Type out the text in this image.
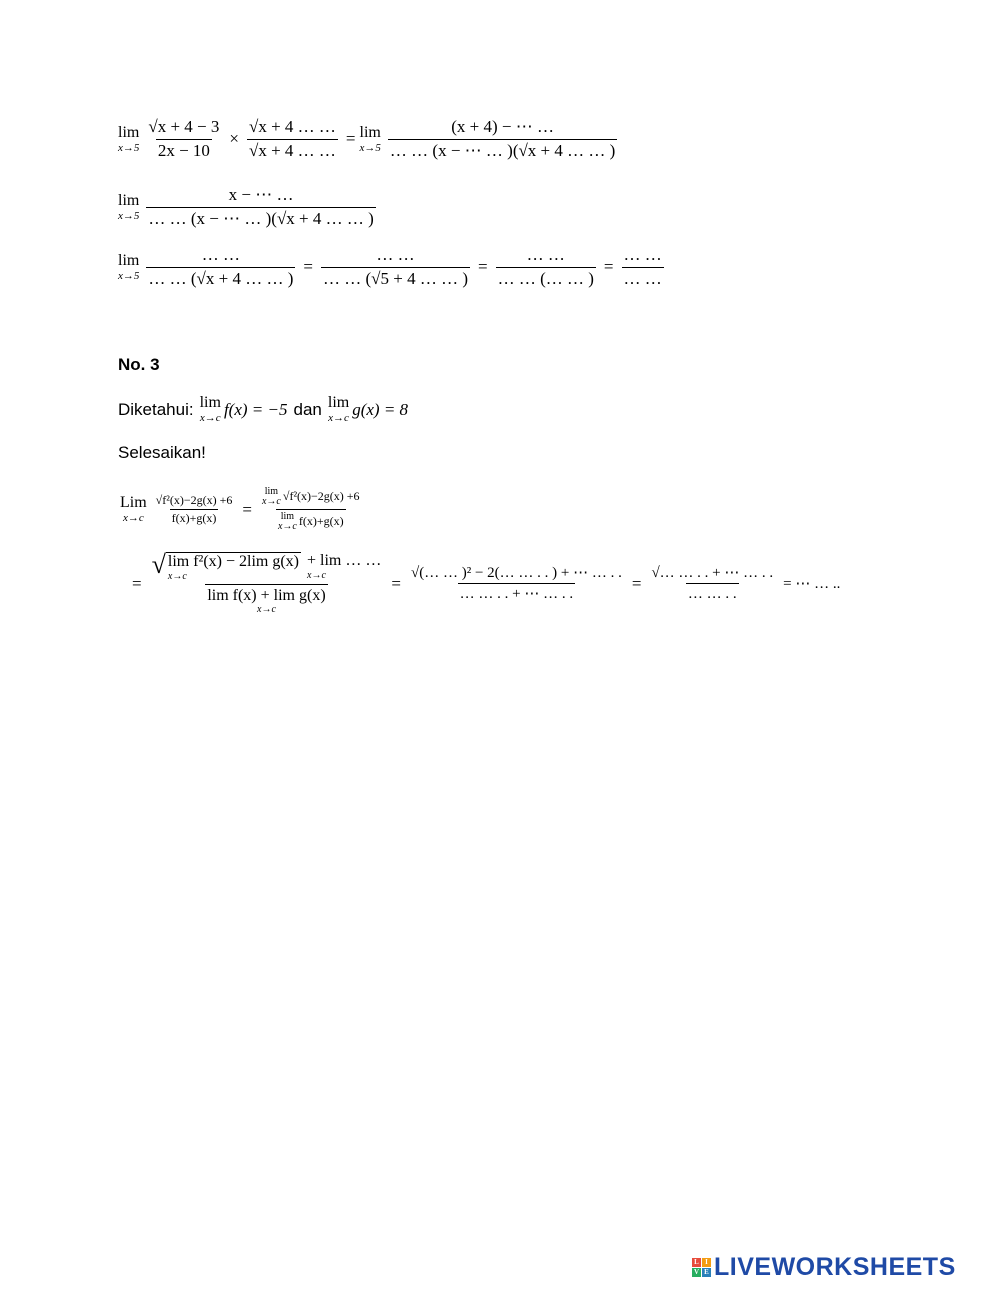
lim
$x\to 5 \frac{√x + 4 - 3}{2x - 10} \times \frac{√x + 4 \dots \dots}{√x + 4 \dots \dots} = \lim$
$x\to 5 \frac{(x + 4) - \cdots \dots}{\dots \dots (x - \cdots \dots )(√x + 4 \dots \dots )}$
lim
$x\to 5 \frac{x - \cdots \dots}{\dots \dots (x - \cdots \dots )(√x + 4 \dots \dots )}$
lim
$x\to 5 \frac{\dots \dots}{\dots \dots (√x + 4 \dots \dots )} = \frac{\dots \dots}{\dots \dots (√5 + 4 \dots \dots )} = \frac{\dots \dots}{\dots \dots (\dots \dots )} = \frac{\dots \dots}{\dots \dots}$
No. 3
Diketahui: lim
x→c f(x) = −5 dan lim
x→c g(x) = 8
Selesaikan!
Lim
$x\to c \frac{\text{√f²(x)−2g(x) +6}}{f(x)+g(x)} = \lim$
x→c √f²(x)−2g(x) +6
lim
x→c f(x)+g(x)
=
√ lim f²(x) − 2lim g(x)
x→c
+ lim … …
x→c
lim f(x) + lim g(x)
x→c
= $\frac{\text{√(… … )² − 2(… … . . ) + ⋯ … . .}}{\dots \dots . . + \cdots \dots . .} = \frac{√\dots \dots . . + \cdots \dots . .}{\dots \dots . .}$ = ⋯ … ..
L I
V E LIVEWORKSHEETS
